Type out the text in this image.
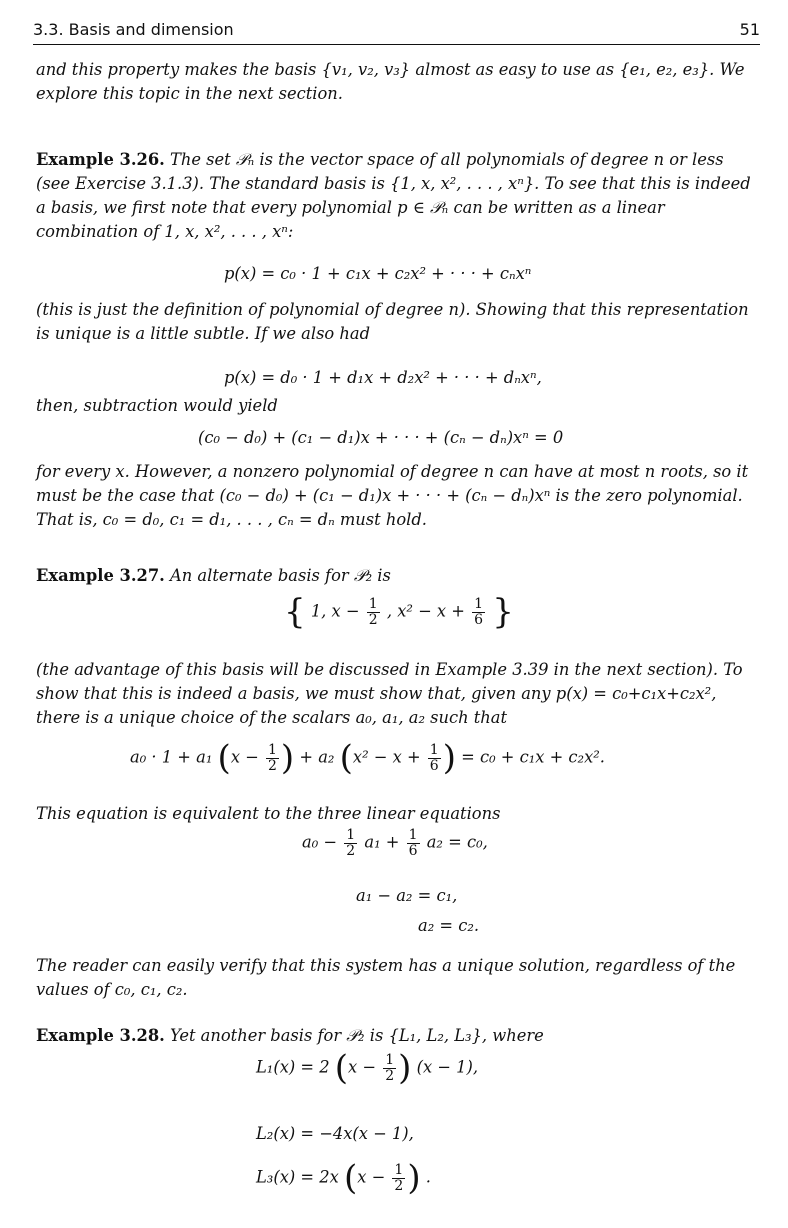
3.3. Basis and dimension	51
and this property makes the basis {v₁, v₂, v₃} almost as easy to use as {e₁, e₂, e₃}. We explore this topic in the next section.
Example 3.26. The set 𝒫ₙ is the vector space of all polynomials of degree n or less (see Exercise 3.1.3). The standard basis is {1, x, x², . . . , xⁿ}. To see that this is indeed a basis, we first note that every polynomial p ∈ 𝒫ₙ can be written as a linear combination of 1, x, x², . . . , xⁿ:
p(x) = c₀ · 1 + c₁x + c₂x² + · · · + cₙxⁿ
(this is just the definition of polynomial of degree n). Showing that this representation is unique is a little subtle. If we also had
p(x) = d₀ · 1 + d₁x + d₂x² + · · · + dₙxⁿ,
then, subtraction would yield
(c₀ − d₀) + (c₁ − d₁)x + · · · + (cₙ − dₙ)xⁿ = 0
for every x. However, a nonzero polynomial of degree n can have at most n roots, so it must be the case that (c₀ − d₀) + (c₁ − d₁)x + · · · + (cₙ − dₙ)xⁿ is the zero polynomial. That is, c₀ = d₀, c₁ = d₁, . . . , cₙ = dₙ must hold.
Example 3.27. An alternate basis for 𝒫₂ is
{ 1, $x - \frac{1}{2}$ , $x^2 - x + \frac{1}{6}$ }
(the advantage of this basis will be discussed in Example 3.39 in the next section). To show that this is indeed a basis, we must show that, given any p(x) = c₀+c₁x+c₂x², there is a unique choice of the scalars a₀, a₁, a₂ such that
a₀ · 1 + a₁ ($x - \frac{1}{2}$ ) + a₂ ($x^2 - x + \frac{1}{6}$ ) = c₀ + c₁x + c₂x².
This equation is equivalent to the three linear equations
$a_0 - \frac{1}{2} a_1 + \frac{1}{6} a_2 = c_0$,
a₁ − a₂ = c₁,
a₂ = c₂.
The reader can easily verify that this system has a unique solution, regardless of the values of c₀, c₁, c₂.
Example 3.28. Yet another basis for 𝒫₂ is {L₁, L₂, L₃}, where
L₁(x) = 2 ($x - \frac{1}{2}$ ) (x − 1),
L₂(x) = −4x(x − 1),
L₃(x) = 2x ($x - \frac{1}{2}$ ) .
